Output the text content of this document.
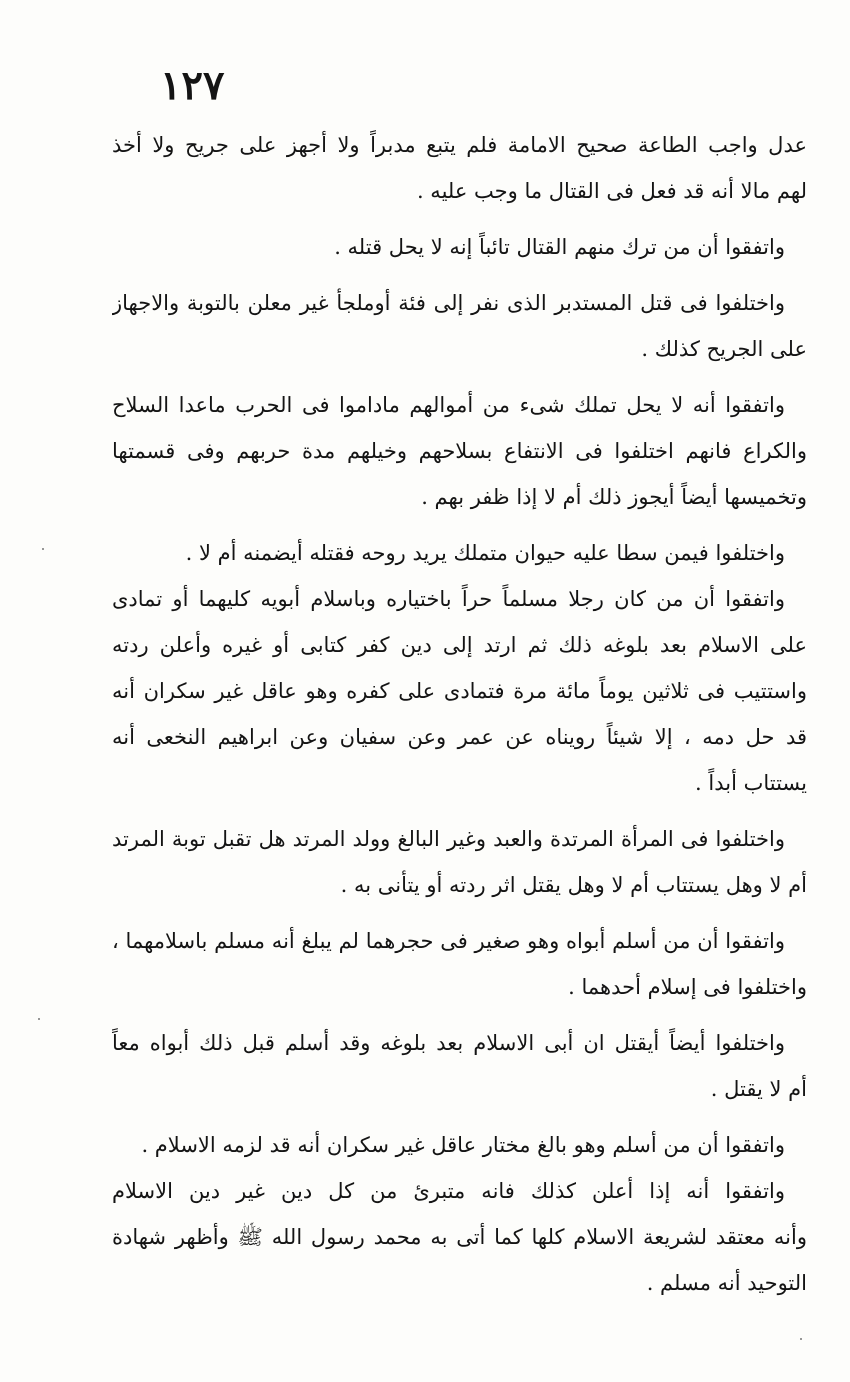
١٢٧
عدل واجب الطاعة صحيح الامامة فلم يتبع مدبراً ولا أجهز على جريح ولا أخذ
لهم مالا أنه قد فعل فى القتال ما وجب عليه .
واتفقوا أن من ترك منهم القتال تائباً إنه لا يحل قتله .
واختلفوا فى قتل المستدبر الذى نفر إلى فئة أوملجأ غير معلن بالتوبة والاجهاز
على الجريح كذلك .
واتفقوا أنه لا يحل تملك شىء من أموالهم ماداموا فى الحرب ماعدا السلاح
والكراع فانهم اختلفوا فى الانتفاع بسلاحهم وخيلهم مدة حربهم وفى قسمتها
وتخميسها أيضاً أيجوز ذلك أم لا إذا ظفر بهم .
واختلفوا فيمن سطا عليه حيوان متملك يريد روحه فقتله أيضمنه أم لا .
واتفقوا أن من كان رجلا مسلماً حراً باختياره وباسلام أبويه كليهما أو تمادى
على الاسلام بعد بلوغه ذلك ثم ارتد إلى دين كفر كتابى أو غيره وأعلن ردته
واستتيب فى ثلاثين يوماً مائة مرة فتمادى على كفره وهو عاقل غير سكران أنه
قد حل دمه ، إلا شيئاً رويناه عن عمر وعن سفيان وعن ابراهيم النخعى أنه
يستتاب أبداً .
واختلفوا فى المرأة المرتدة والعبد وغير البالغ وولد المرتد هل تقبل توبة المرتد
أم لا وهل يستتاب أم لا وهل يقتل اثر ردته أو يتأنى به .
واتفقوا أن من أسلم أبواه وهو صغير فى حجرهما لم يبلغ أنه مسلم باسلامهما ،
واختلفوا فى إسلام أحدهما .
واختلفوا أيضاً أيقتل ان أبى الاسلام بعد بلوغه وقد أسلم قبل ذلك أبواه معاً
أم لا يقتل .
واتفقوا أن من أسلم وهو بالغ مختار عاقل غير سكران أنه قد لزمه الاسلام .
واتفقوا أنه إذا أعلن كذلك فانه متبرئ من كل دين غير دين الاسلام
وأنه معتقد لشريعة الاسلام كلها كما أتى به محمد رسول الله ﷺ وأظهر شهادة
التوحيد أنه مسلم .
